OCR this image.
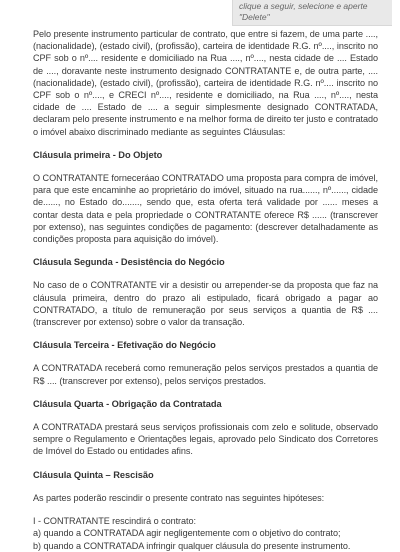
clique a seguir, selecione e aperte "Delete"

Pelo presente instrumento particular de contrato, que entre si fazem, de uma parte ...., (nacionalidade), (estado civil), (profissão), carteira de identidade R.G. nº...., inscrito no CPF sob o nº.... residente e domiciliado na Rua ...., nº...., nesta cidade de .... Estado de ...., doravante neste instrumento designado CONTRATANTE e, de outra parte, .... (nacionalidade), (estado civil), (profissão), carteira de identidade R.G. nº.... inscrito no CPF sob o nº...., e CRECI nº...., residente e domiciliado, na Rua ...., nº...., nesta cidade de .... Estado de .... a seguir simplesmente designado CONTRATADA, declaram pelo presente instrumento e na melhor forma de direito ter justo e contratado o imóvel abaixo discriminado mediante as seguintes Cláusulas:

Cláusula primeira - Do Objeto

O CONTRATANTE forneceráao CONTRATADO uma proposta para compra de imóvel, para que este encaminhe ao proprietário do imóvel, situado na rua......, nº......, cidade de......, no Estado do......., sendo que, esta oferta terá validade por ...... meses a contar desta data e pela propriedade o CONTRATANTE oferece R$ ...... (transcrever por extenso), nas seguintes condições de pagamento: (descrever detalhadamente as condições proposta para aquisição do imóvel).

Cláusula Segunda - Desistência do Negócio

No caso de o CONTRATANTE vir a desistir ou arrepender-se da proposta que faz na cláusula primeira, dentro do prazo ali estipulado, ficará obrigado a pagar ao CONTRATADO, a título de remuneração por seus serviços a quantia de R$ .... (transcrever por extenso) sobre o valor da transação.

Cláusula Terceira - Efetivação do Negócio

A CONTRATADA receberá como remuneração pelos serviços prestados a quantia de R$ .... (transcrever por extenso), pelos serviços prestados.

Cláusula Quarta - Obrigação da Contratada

A CONTRATADA prestará seus serviços profissionais com zelo e solitude, observado sempre o Regulamento e Orientações legais, aprovado pelo Sindicato dos Corretores de Imóvel do Estado ou entidades afins.

Cláusula Quinta – Rescisão

As partes poderão rescindir o presente contrato nas seguintes hipóteses:

I - CONTRATANTE rescindirá o contrato:

a) quando a CONTRATADA agir negligentemente com o objetivo do contrato;

b) quando a CONTRATADA infringir qualquer cláusula do presente instrumento.
